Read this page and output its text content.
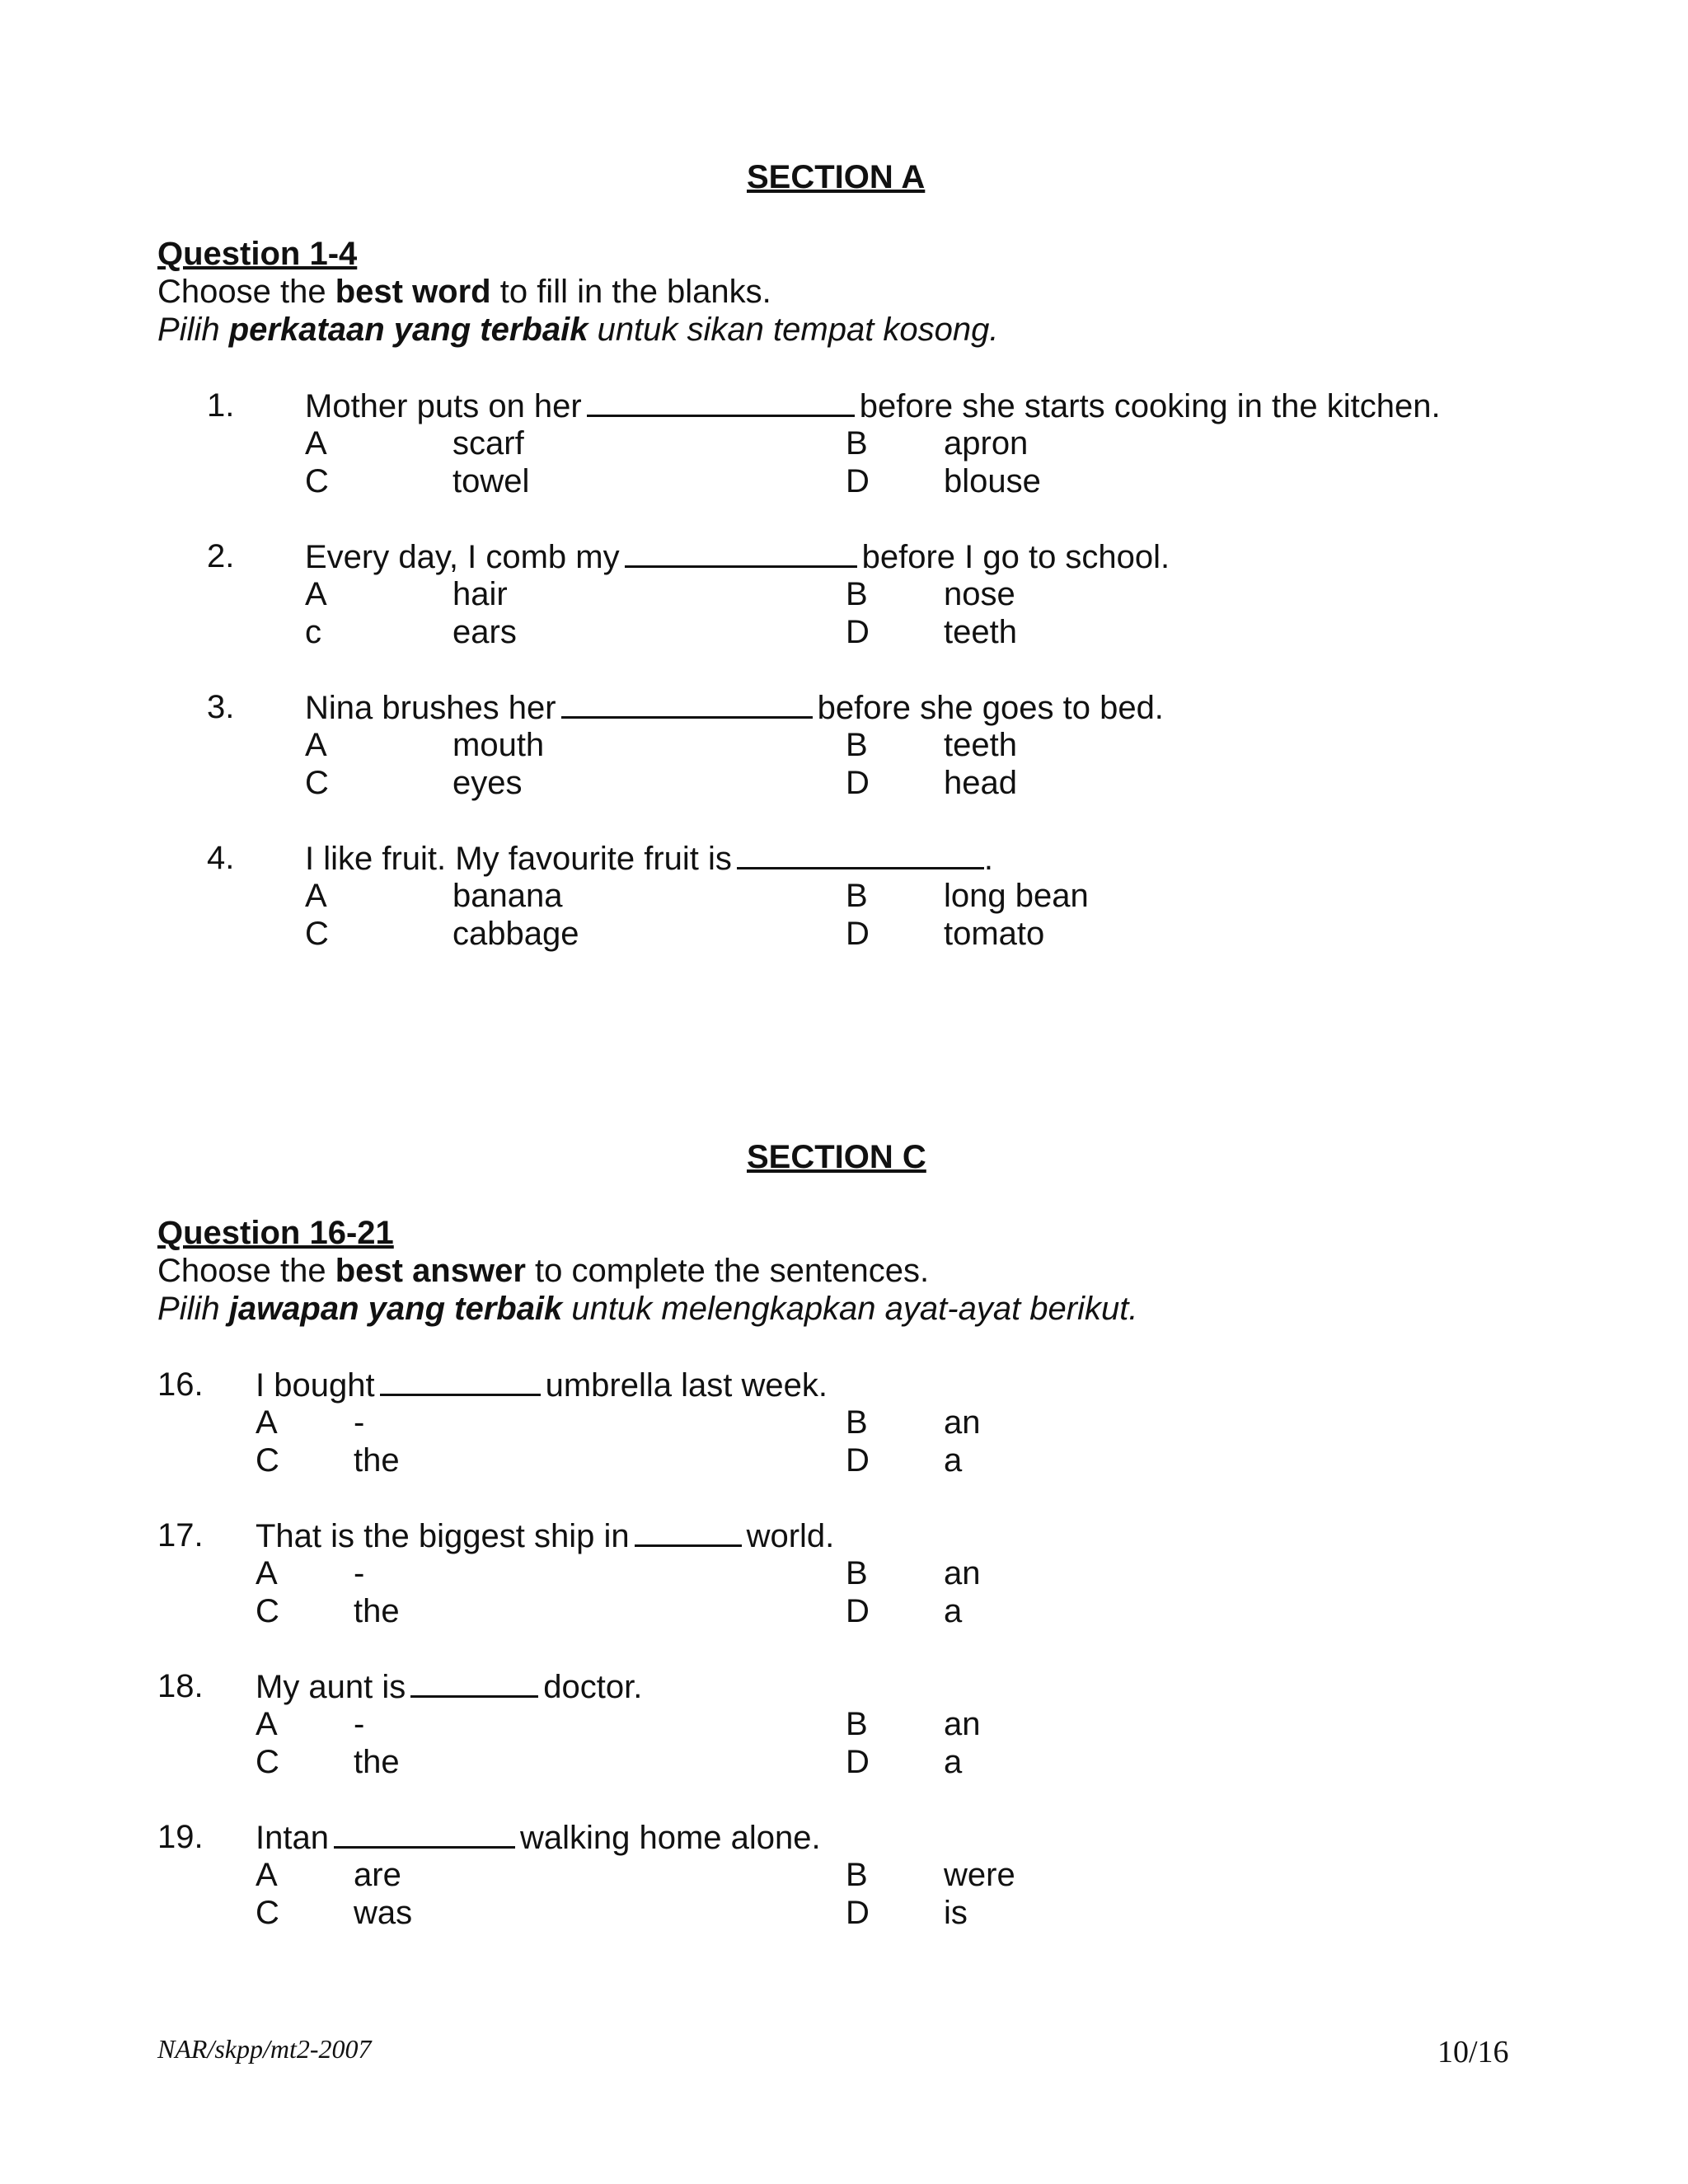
SECTION A
Question 1-4
Choose the best word to fill in the blanks.
Pilih perkataan yang terbaik untuk sikan tempat kosong.
1. Mother puts on her	before she starts cooking in the kitchen.
A	scarf	B apron
C	towel	D blouse
2. Every day, I comb my	before I go to school.
A	hair	B nose
c	ears	D teeth
3. Nina brushes her	before she goes to bed.
A	mouth	B teeth
C	eyes	D head
4. I like fruit. My favourite fruit is	.
A	banana	B long bean
C	cabbage	D tomato
SECTION C
Question 16-21
Choose the best answer to complete the sentences.
Pilih jawapan yang terbaik untuk melengkapkan ayat-ayat berikut.
16. I bought	umbrella last week.
A -	B an
C the	D a
17. That is the biggest ship in	world.
A -	B an
C the	D a
18. My aunt is	doctor.
A -	B an
C the	D a
19. Intan	walking home alone.
A are	B were
C was	D is
NAR/skpp/mt2-2007	10/16
